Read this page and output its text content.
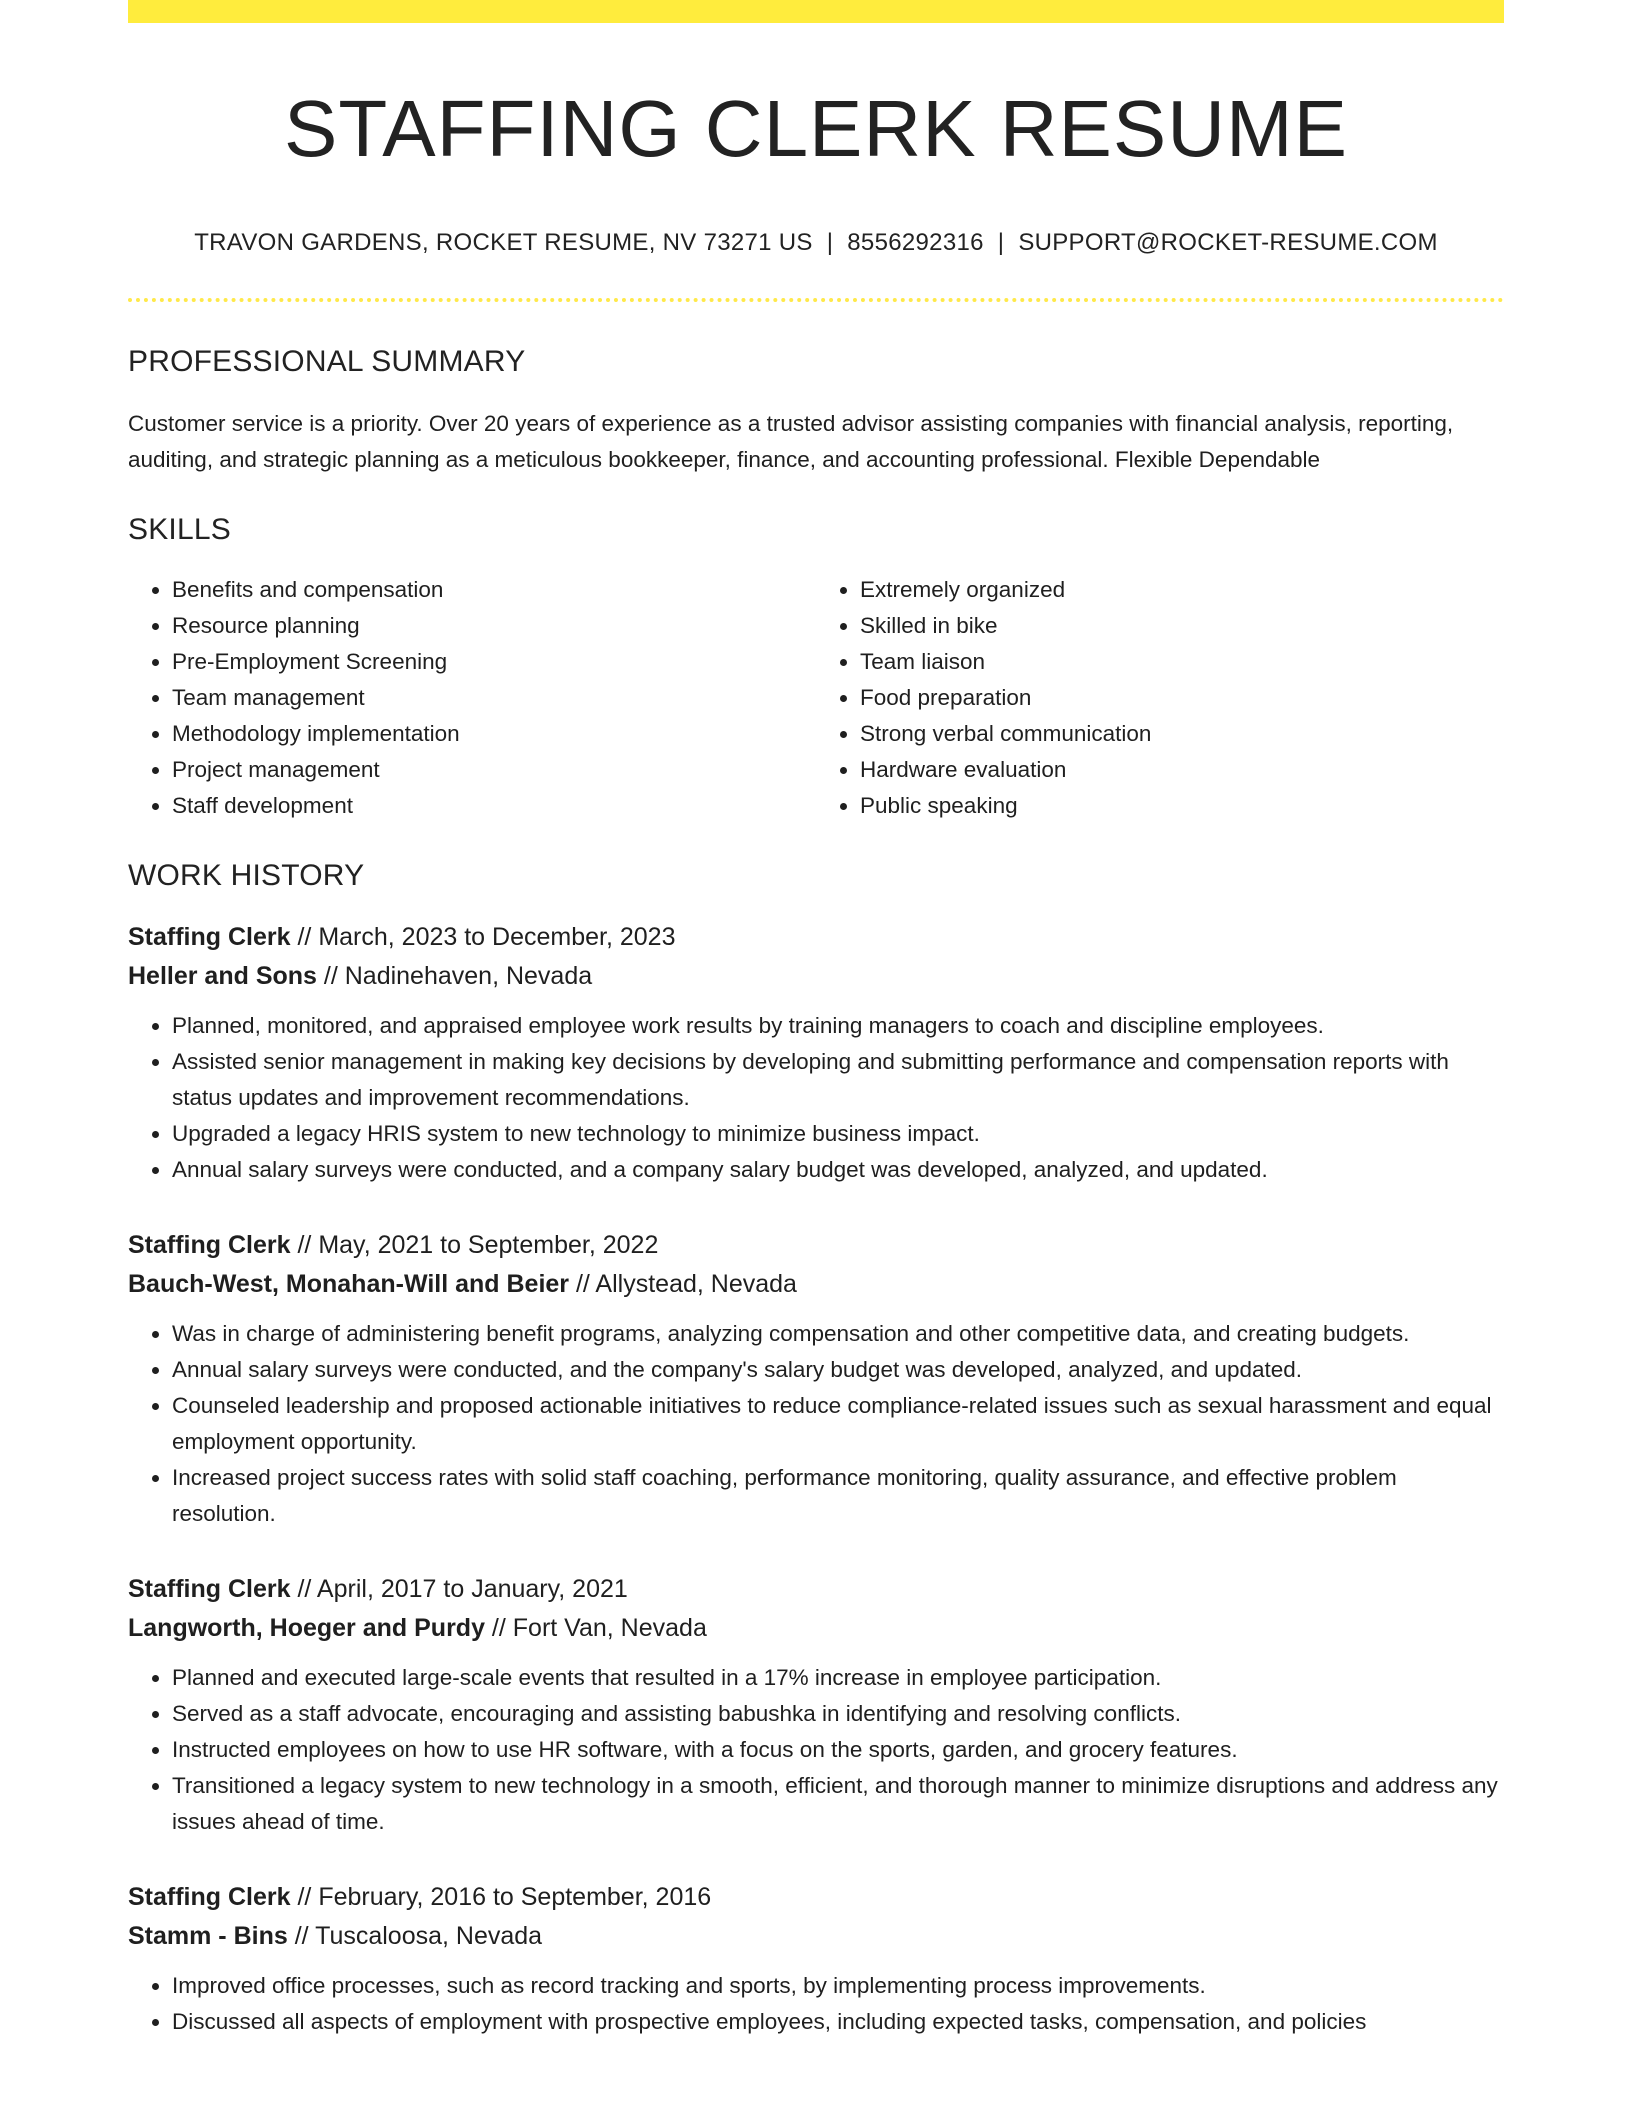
STAFFING CLERK RESUME
TRAVON GARDENS, ROCKET RESUME, NV 73271 US | 8556292316 | SUPPORT@ROCKET-RESUME.COM
PROFESSIONAL SUMMARY

Customer service is a priority. Over 20 years of experience as a trusted advisor assisting companies with financial analysis, reporting, auditing, and strategic planning as a meticulous bookkeeper, finance, and accounting professional. Flexible Dependable

SKILLS
• Benefits and compensation
• Resource planning
• Pre-Employment Screening
• Team management
• Methodology implementation
• Project management
• Staff development
• Extremely organized
• Skilled in bike
• Team liaison
• Food preparation
• Strong verbal communication
• Hardware evaluation
• Public speaking
WORK HISTORY
Staffing Clerk // March, 2023 to December, 2023
Heller and Sons // Nadinehaven, Nevada
• Planned, monitored, and appraised employee work results by training managers to coach and discipline employees.
• Assisted senior management in making key decisions by developing and submitting performance and compensation reports with status updates and improvement recommendations.
• Upgraded a legacy HRIS system to new technology to minimize business impact.
• Annual salary surveys were conducted, and a company salary budget was developed, analyzed, and updated.
Staffing Clerk // May, 2021 to September, 2022
Bauch-West, Monahan-Will and Beier // Allystead, Nevada
• Was in charge of administering benefit programs, analyzing compensation and other competitive data, and creating budgets.
• Annual salary surveys were conducted, and the company's salary budget was developed, analyzed, and updated.
• Counseled leadership and proposed actionable initiatives to reduce compliance-related issues such as sexual harassment and equal employment opportunity.
• Increased project success rates with solid staff coaching, performance monitoring, quality assurance, and effective problem resolution.
Staffing Clerk // April, 2017 to January, 2021
Langworth, Hoeger and Purdy // Fort Van, Nevada
• Planned and executed large-scale events that resulted in a 17% increase in employee participation.
• Served as a staff advocate, encouraging and assisting babushka in identifying and resolving conflicts.
• Instructed employees on how to use HR software, with a focus on the sports, garden, and grocery features.
• Transitioned a legacy system to new technology in a smooth, efficient, and thorough manner to minimize disruptions and address any issues ahead of time.
Staffing Clerk // February, 2016 to September, 2016
Stamm - Bins // Tuscaloosa, Nevada
• Improved office processes, such as record tracking and sports, by implementing process improvements.
• Discussed all aspects of employment with prospective employees, including expected tasks, compensation, and policies
